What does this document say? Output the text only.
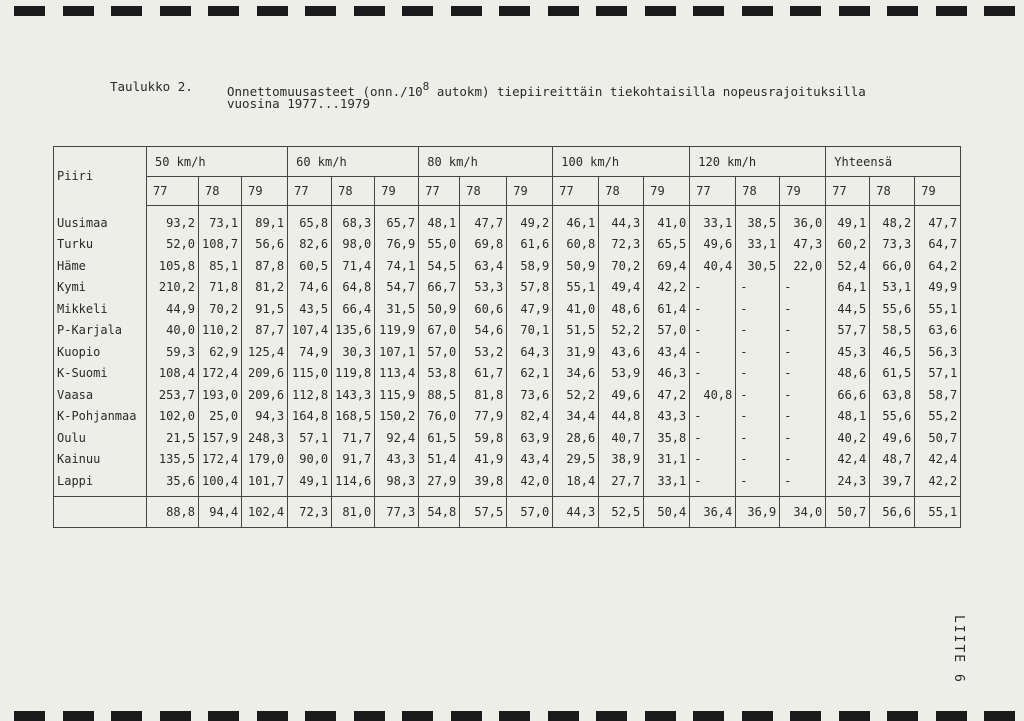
Taulukko 2.	Onnettomuusasteet ($onn./10^8$ autokm) tiepiireittäin tiekohtaisilla nopeusrajoituksilla
vuosina 1977...1979
Piiri	50 km/h			60 km/h			80 km/h			100 km/h			120 km/h			Yhteensä		
	77	78	79	77	78	79	77	78	79	77	78	79	77	78	79	77	78	79
Uusimaa	93,2	73,1	89,1	65,8	68,3	65,7	48,1	47,7	49,2	46,1	44,3	41,0	33,1	38,5	36,0	49,1	48,2	47,7
Turku	52,0	108,7	56,6	82,6	98,0	76,9	55,0	69,8	61,6	60,8	72,3	65,5	49,6	33,1	47,3	60,2	73,3	64,7
Häme	105,8	85,1	87,8	60,5	71,4	74,1	54,5	63,4	58,9	50,9	70,2	69,4	40,4	30,5	22,0	52,4	66,0	64,2
Kymi	210,2	71,8	81,2	74,6	64,8	54,7	66,7	53,3	57,8	55,1	49,4	42,2	-	-	-	64,1	53,1	49,9
Mikkeli	44,9	70,2	91,5	43,5	66,4	31,5	50,9	60,6	47,9	41,0	48,6	61,4	-	-	-	44,5	55,6	55,1
P-Karjala	40,0	110,2	87,7	107,4	135,6	119,9	67,0	54,6	70,1	51,5	52,2	57,0	-	-	-	57,7	58,5	63,6
Kuopio	59,3	62,9	125,4	74,9	30,3	107,1	57,0	53,2	64,3	31,9	43,6	43,4	-	-	-	45,3	46,5	56,3
K-Suomi	108,4	172,4	209,6	115,0	119,8	113,4	53,8	61,7	62,1	34,6	53,9	46,3	-	-	-	48,6	61,5	57,1
Vaasa	253,7	193,0	209,6	112,8	143,3	115,9	88,5	81,8	73,6	52,2	49,6	47,2	40,8	-	-	66,6	63,8	58,7
K-Pohjanmaa	102,0	25,0	94,3	164,8	168,5	150,2	76,0	77,9	82,4	34,4	44,8	43,3	-	-	-	48,1	55,6	55,2
Oulu	21,5	157,9	248,3	57,1	71,7	92,4	61,5	59,8	63,9	28,6	40,7	35,8	-	-	-	40,2	49,6	50,7
Kainuu	135,5	172,4	179,0	90,0	91,7	43,3	51,4	41,9	43,4	29,5	38,9	31,1	-	-	-	42,4	48,7	42,4
Lappi	35,6	100,4	101,7	49,1	114,6	98,3	27,9	39,8	42,0	18,4	27,7	33,1	-	-	-	24,3	39,7	42,2
	88,8	94,4	102,4	72,3	81,0	77,3	54,8	57,5	57,0	44,3	52,5	50,4	36,4	36,9	34,0	50,7	56,6	55,1
LIITE 6
